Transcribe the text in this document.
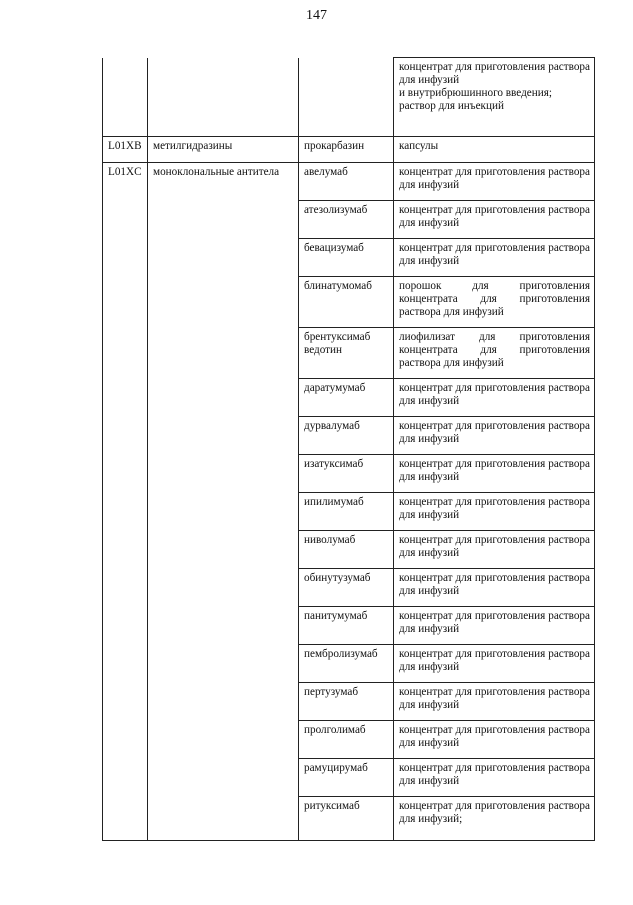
147

			концентрат для приготовления раствора для инфузий
и внутрибрюшинного введения;
раствор для инъекций

L01XB	метилгидразины	прокарбазин	капсулы

L01XC	моноклональные антитела	авелумаб	концентрат для приготовления раствора для инфузий

		атезолизумаб	концентрат для приготовления раствора для инфузий

		бевацизумаб	концентрат для приготовления раствора для инфузий

		блинатумомаб	порошок для приготовления концентрата для приготовления раствора для инфузий

		брентуксимаб ведотин	лиофилизат для приготовления концентрата для приготовления раствора для инфузий

		даратумумаб	концентрат для приготовления раствора для инфузий

		дурвалумаб	концентрат для приготовления раствора для инфузий

		изатуксимаб	концентрат для приготовления раствора для инфузий

		ипилимумаб	концентрат для приготовления раствора для инфузий

		ниволумаб	концентрат для приготовления раствора для инфузий

		обинутузумаб	концентрат для приготовления раствора для инфузий

		панитумумаб	концентрат для приготовления раствора для инфузий

		пембролизумаб	концентрат для приготовления раствора для инфузий

		пертузумаб	концентрат для приготовления раствора для инфузий

		пролголимаб	концентрат для приготовления раствора для инфузий

		рамуцирумаб	концентрат для приготовления раствора для инфузий

		ритуксимаб	концентрат для приготовления раствора для инфузий;
